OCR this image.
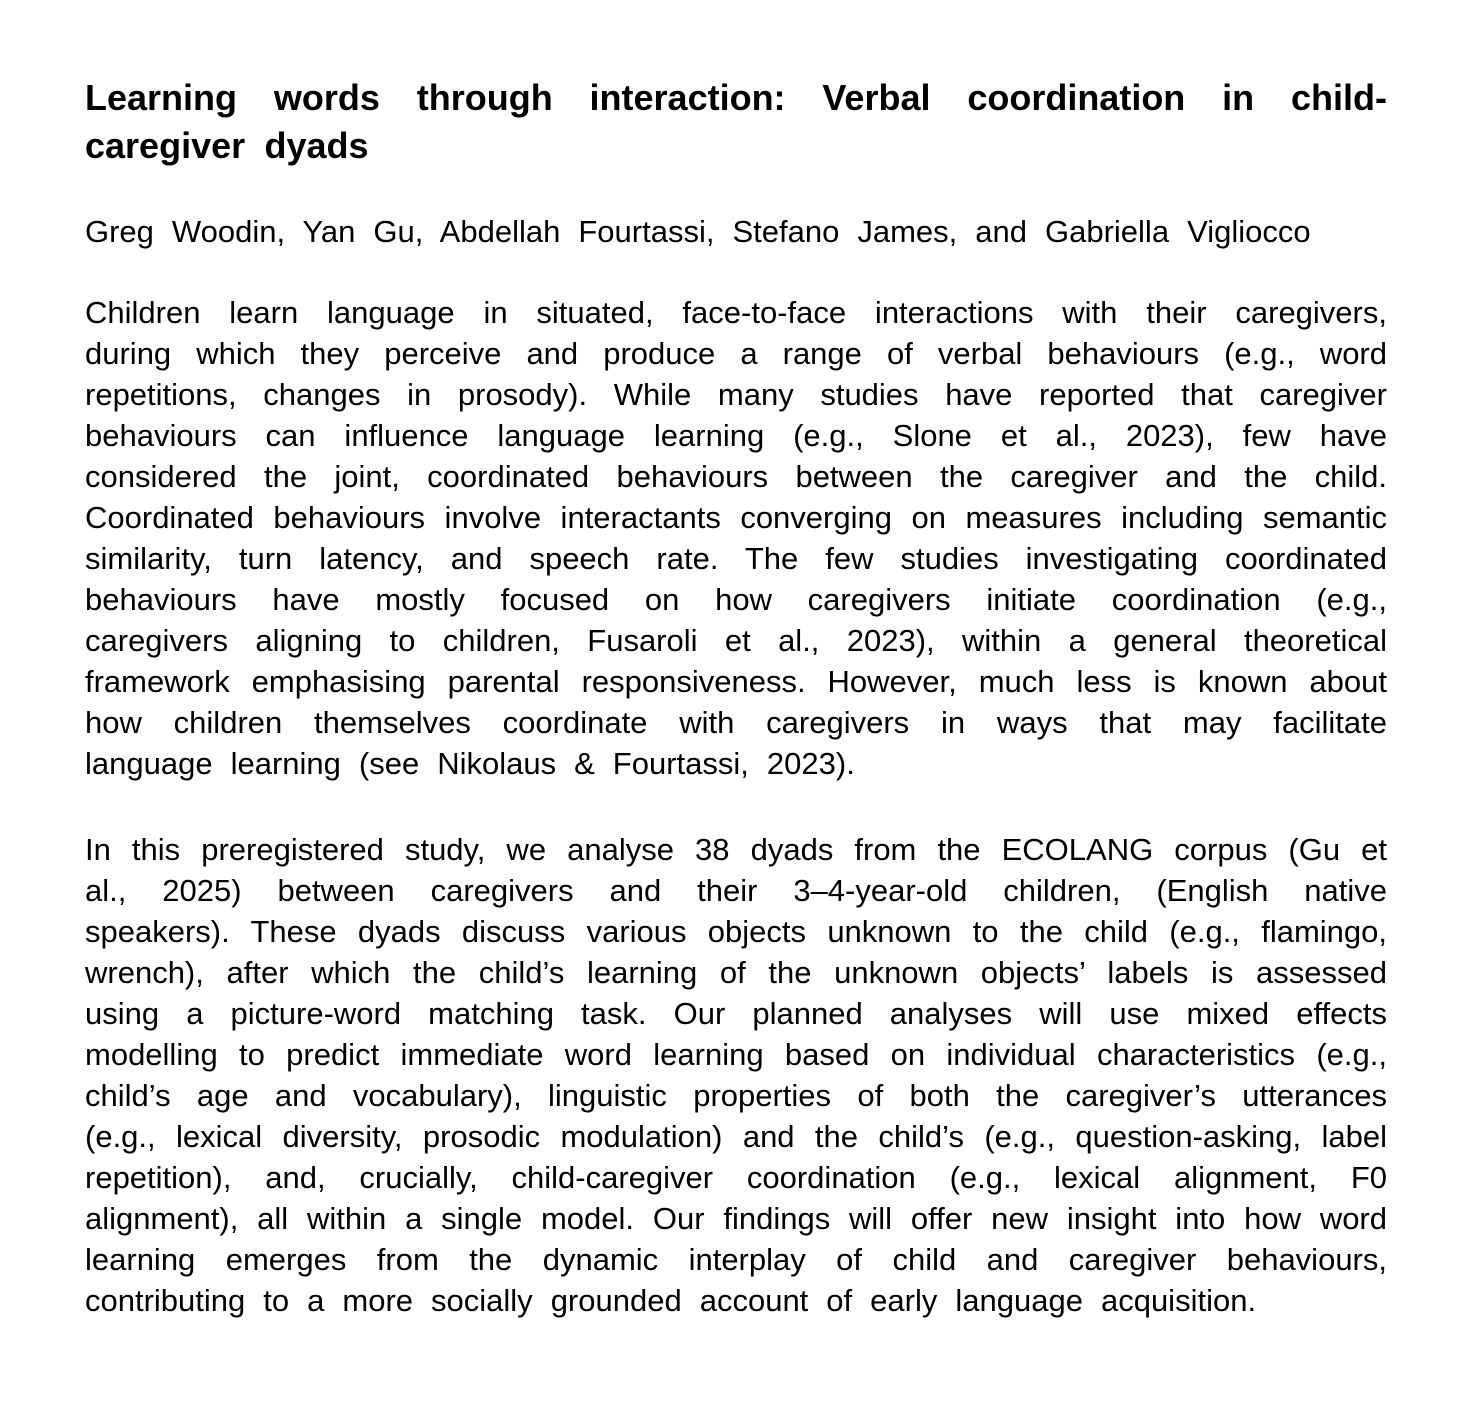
Learning words through interaction: Verbal coordination in child-caregiver dyads

Greg Woodin, Yan Gu, Abdellah Fourtassi, Stefano James, and Gabriella Vigliocco

Children learn language in situated, face-to-face interactions with their caregivers, during which they perceive and produce a range of verbal behaviours (e.g., word repetitions, changes in prosody). While many studies have reported that caregiver behaviours can influence language learning (e.g., Slone et al., 2023), few have considered the joint, coordinated behaviours between the caregiver and the child. Coordinated behaviours involve interactants converging on measures including semantic similarity, turn latency, and speech rate. The few studies investigating coordinated behaviours have mostly focused on how caregivers initiate coordination (e.g., caregivers aligning to children, Fusaroli et al., 2023), within a general theoretical framework emphasising parental responsiveness. However, much less is known about how children themselves coordinate with caregivers in ways that may facilitate language learning (see Nikolaus & Fourtassi, 2023).

In this preregistered study, we analyse 38 dyads from the ECOLANG corpus (Gu et al., 2025) between caregivers and their 3–4-year-old children, (English native speakers). These dyads discuss various objects unknown to the child (e.g., flamingo, wrench), after which the child’s learning of the unknown objects’ labels is assessed using a picture-word matching task. Our planned analyses will use mixed effects modelling to predict immediate word learning based on individual characteristics (e.g., child’s age and vocabulary), linguistic properties of both the caregiver’s utterances (e.g., lexical diversity, prosodic modulation) and the child’s (e.g., question-asking, label repetition), and, crucially, child-caregiver coordination (e.g., lexical alignment, F0 alignment), all within a single model. Our findings will offer new insight into how word learning emerges from the dynamic interplay of child and caregiver behaviours, contributing to a more socially grounded account of early language acquisition.
